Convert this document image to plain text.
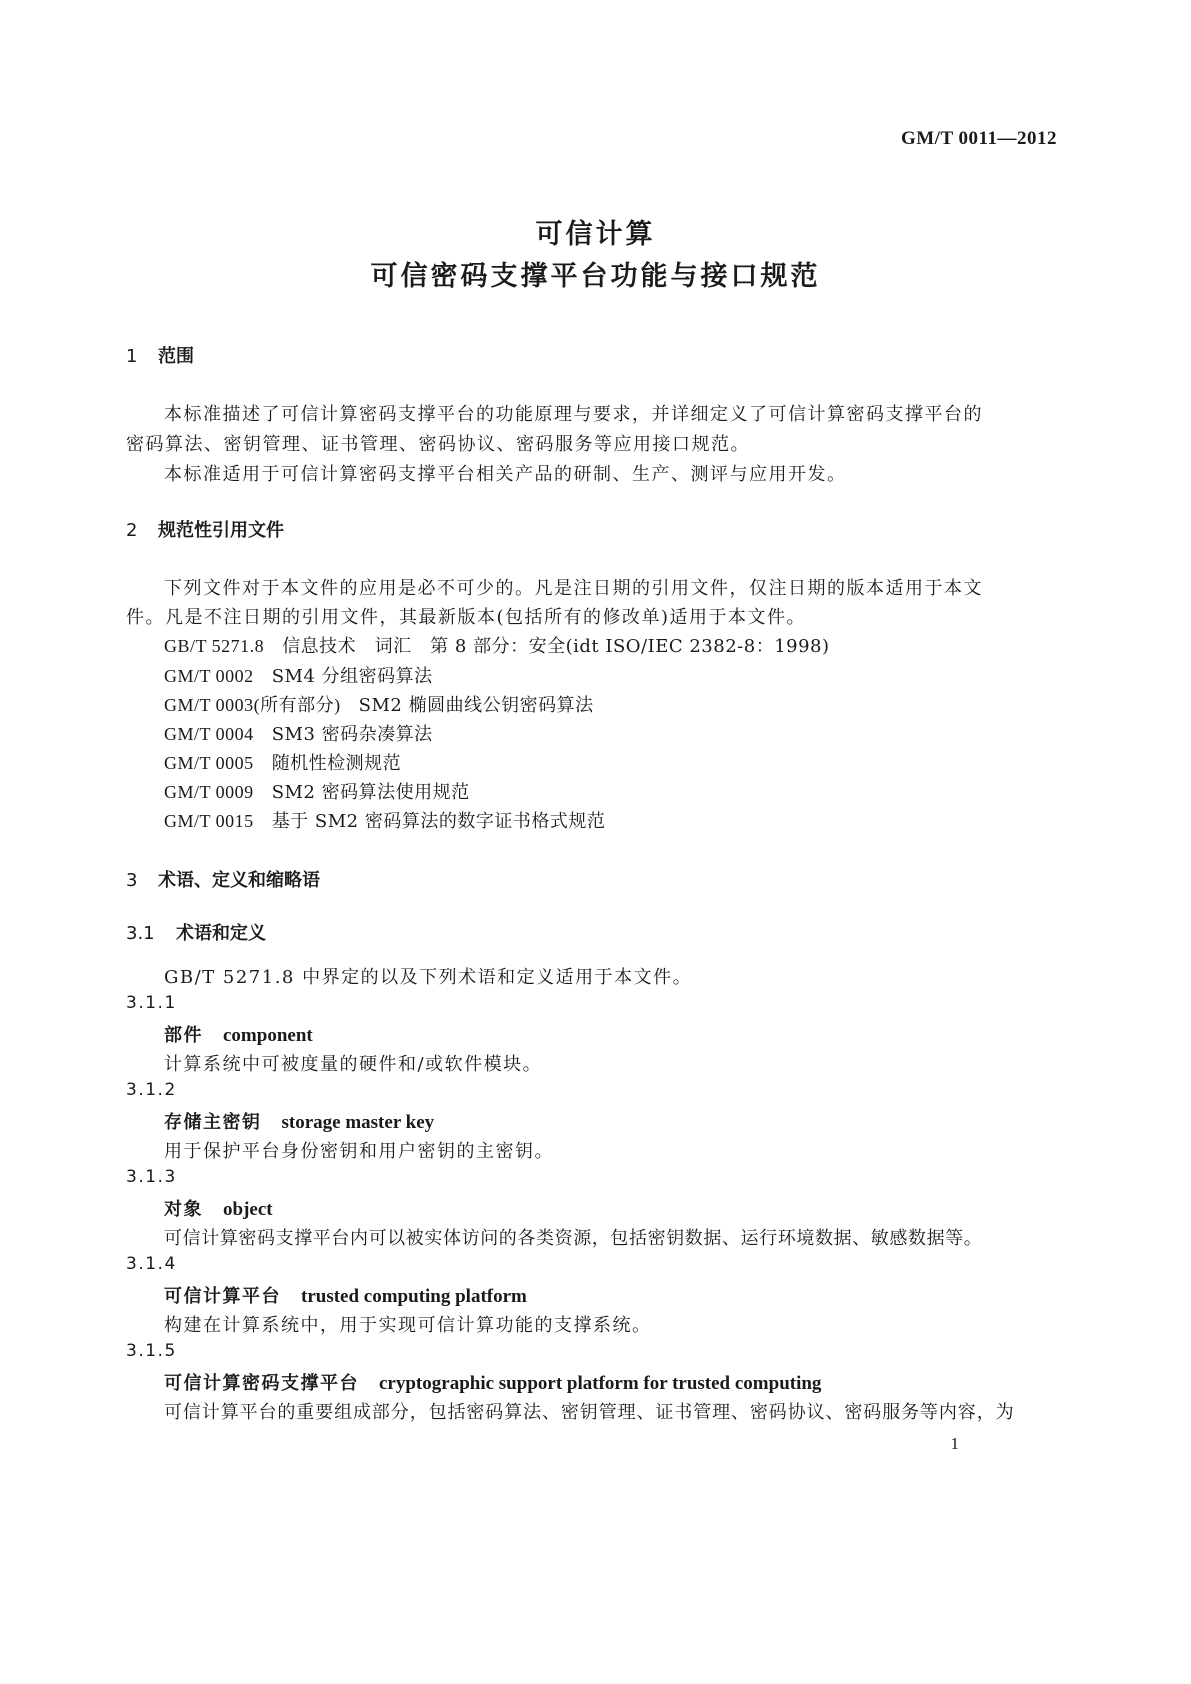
GM/T 0011—2012
可信计算
可信密码支撑平台功能与接口规范
1 范围
本标准描述了可信计算密码支撑平台的功能原理与要求，并详细定义了可信计算密码支撑平台的
密码算法、密钥管理、证书管理、密码协议、密码服务等应用接口规范。
本标准适用于可信计算密码支撑平台相关产品的研制、生产、测评与应用开发。
2 规范性引用文件
下列文件对于本文件的应用是必不可少的。凡是注日期的引用文件，仅注日期的版本适用于本文
件。凡是不注日期的引用文件，其最新版本(包括所有的修改单)适用于本文件。
GB/T 5271.8 信息技术　词汇　第 8 部分：安全(idt ISO/IEC 2382-8：1998)
GM/T 0002 SM4 分组密码算法
GM/T 0003(所有部分) SM2 椭圆曲线公钥密码算法
GM/T 0004 SM3 密码杂凑算法
GM/T 0005 随机性检测规范
GM/T 0009 SM2 密码算法使用规范
GM/T 0015 基于 SM2 密码算法的数字证书格式规范
3 术语、定义和缩略语
3.1 术语和定义
GB/T 5271.8 中界定的以及下列术语和定义适用于本文件。
3.1.1
部件 component
计算系统中可被度量的硬件和/或软件模块。
3.1.2
存储主密钥 storage master key
用于保护平台身份密钥和用户密钥的主密钥。
3.1.3
对象 object
可信计算密码支撑平台内可以被实体访问的各类资源，包括密钥数据、运行环境数据、敏感数据等。
3.1.4
可信计算平台 trusted computing platform
构建在计算系统中，用于实现可信计算功能的支撑系统。
3.1.5
可信计算密码支撑平台 cryptographic support platform for trusted computing
可信计算平台的重要组成部分，包括密码算法、密钥管理、证书管理、密码协议、密码服务等内容，为
1
